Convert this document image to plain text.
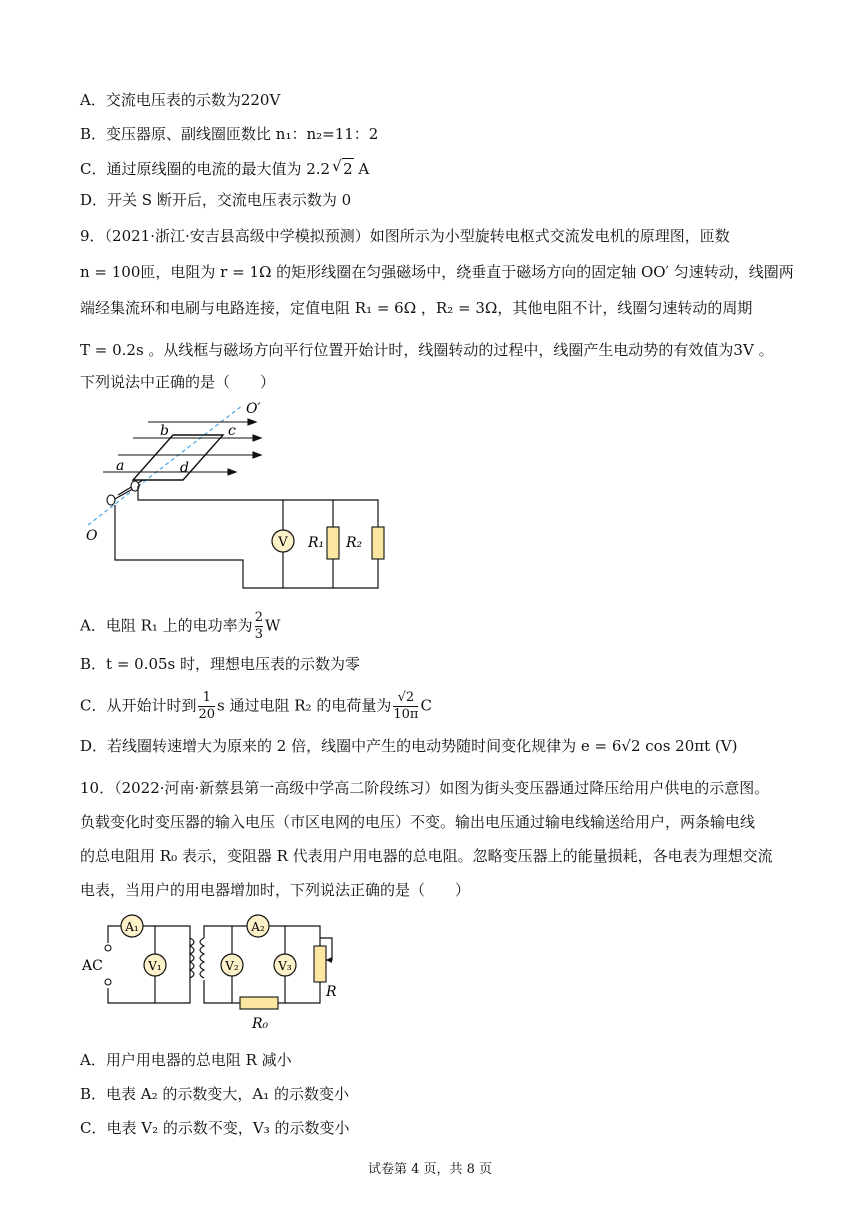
A．交流电压表的示数为220V
B．变压器原、副线圈匝数比 n₁：n₂=11：2
C．通过原线圈的电流的最大值为 2.2√ 2 A
D．开关 S 断开后，交流电压表示数为 0
9．（2021·浙江·安吉县高级中学模拟预测）如图所示为小型旋转电枢式交流发电机的原理图，匝数
n = 100匝，电阻为 r = 1Ω 的矩形线圈在匀强磁场中，绕垂直于磁场方向的固定轴 OO′ 匀速转动，线圈两
端经集流环和电刷与电路连接，定值电阻 R₁ = 6Ω ，R₂ = 3Ω，其他电阻不计，线圈匀速转动的周期
T = 0.2s 。从线框与磁场方向平行位置开始计时，线圈转动的过程中，线圈产生电动势的有效值为3V 。
下列说法中正确的是（　　）
V R₁ R₂
O′
O
a
b	c
d
A．电阻 R₁ 上的电功率为 $\frac{2}{3}$ W
B．t = 0.05s 时，理想电压表的示数为零
C．从开始计时到 $\frac{1}{20}$ s 通过电阻 R₂ 的电荷量为 $\frac{√2}{10\pi}$ C
D．若线圈转速增大为原来的 2 倍，线圈中产生的电动势随时间变化规律为 e = 6√2 cos 20πt (V)
10．（2022·河南·新蔡县第一高级中学高二阶段练习）如图为街头变压器通过降压给用户供电的示意图。
负载变化时变压器的输入电压（市区电网的电压）不变。输出电压通过输电线输送给用户，两条输电线
的总电阻用 R₀ 表示，变阻器 R 代表用户用电器的总电阻。忽略变压器上的能量损耗，各电表为理想交流
电表，当用户的用电器增加时，下列说法正确的是（　　）
AC
A₁
V₁
A₂
V₂	V₃
R
R₀
A．用户用电器的总电阻 R 减小
B．电表 A₂ 的示数变大，A₁ 的示数变小
C．电表 V₂ 的示数不变，V₃ 的示数变小
试卷第 4 页，共 8 页
